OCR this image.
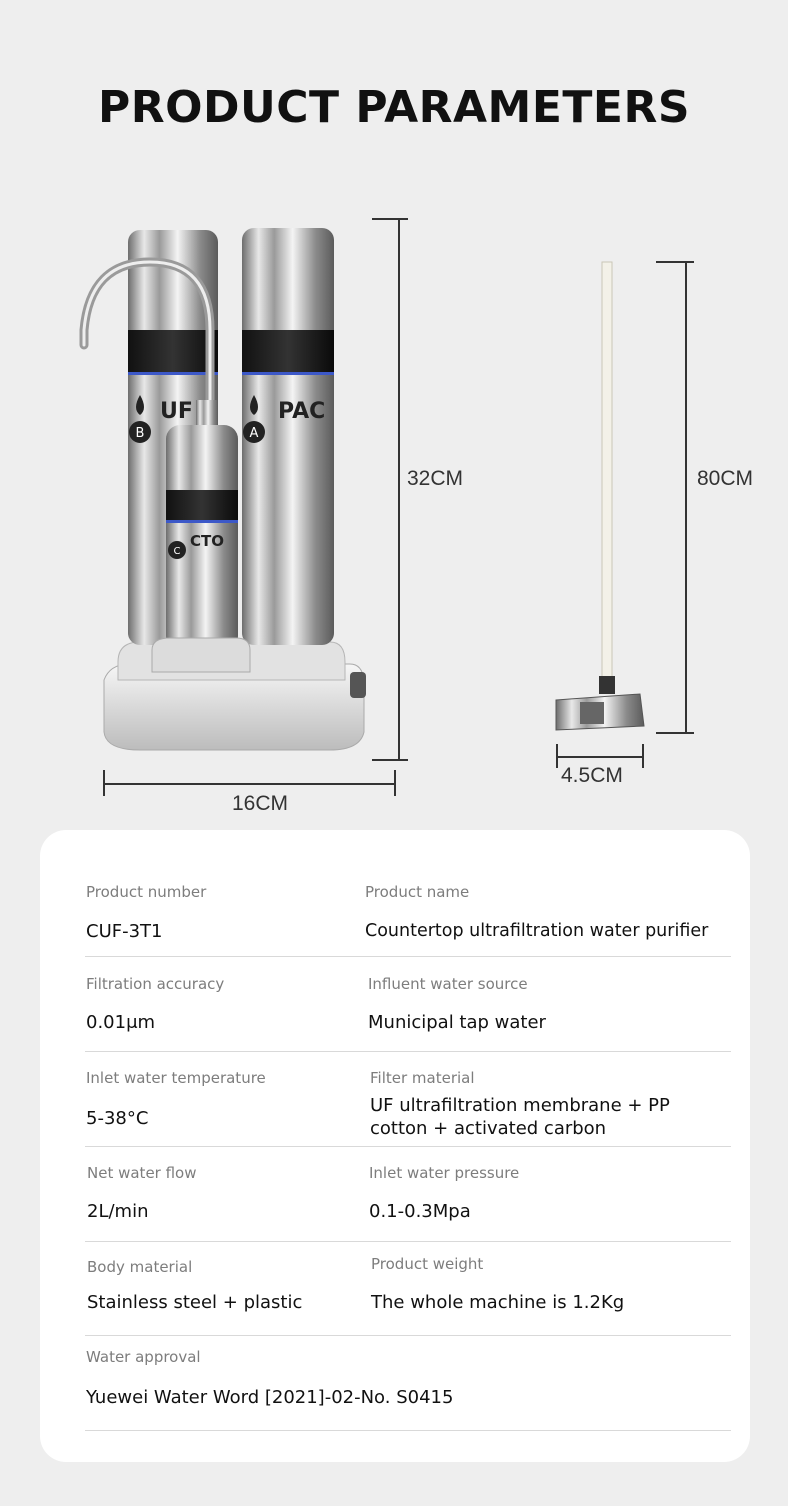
PRODUCT PARAMETERS
B
UF
A
PAC
C
CTO
32CM
16CM
80CM
4.5CM
Product number
CUF-3T1
Product name
Countertop ultrafiltration water purifier
Filtration accuracy
0.01μm
Influent water source
Municipal tap water
Inlet water temperature
5-38°C
Filter material
UF ultrafiltration membrane + PP cotton + activated carbon
Net water flow
2L/min
Inlet water pressure
0.1-0.3Mpa
Body material
Stainless steel + plastic
Product weight
The whole machine is 1.2Kg
Water approval
Yuewei Water Word [2021]-02-No. S0415
